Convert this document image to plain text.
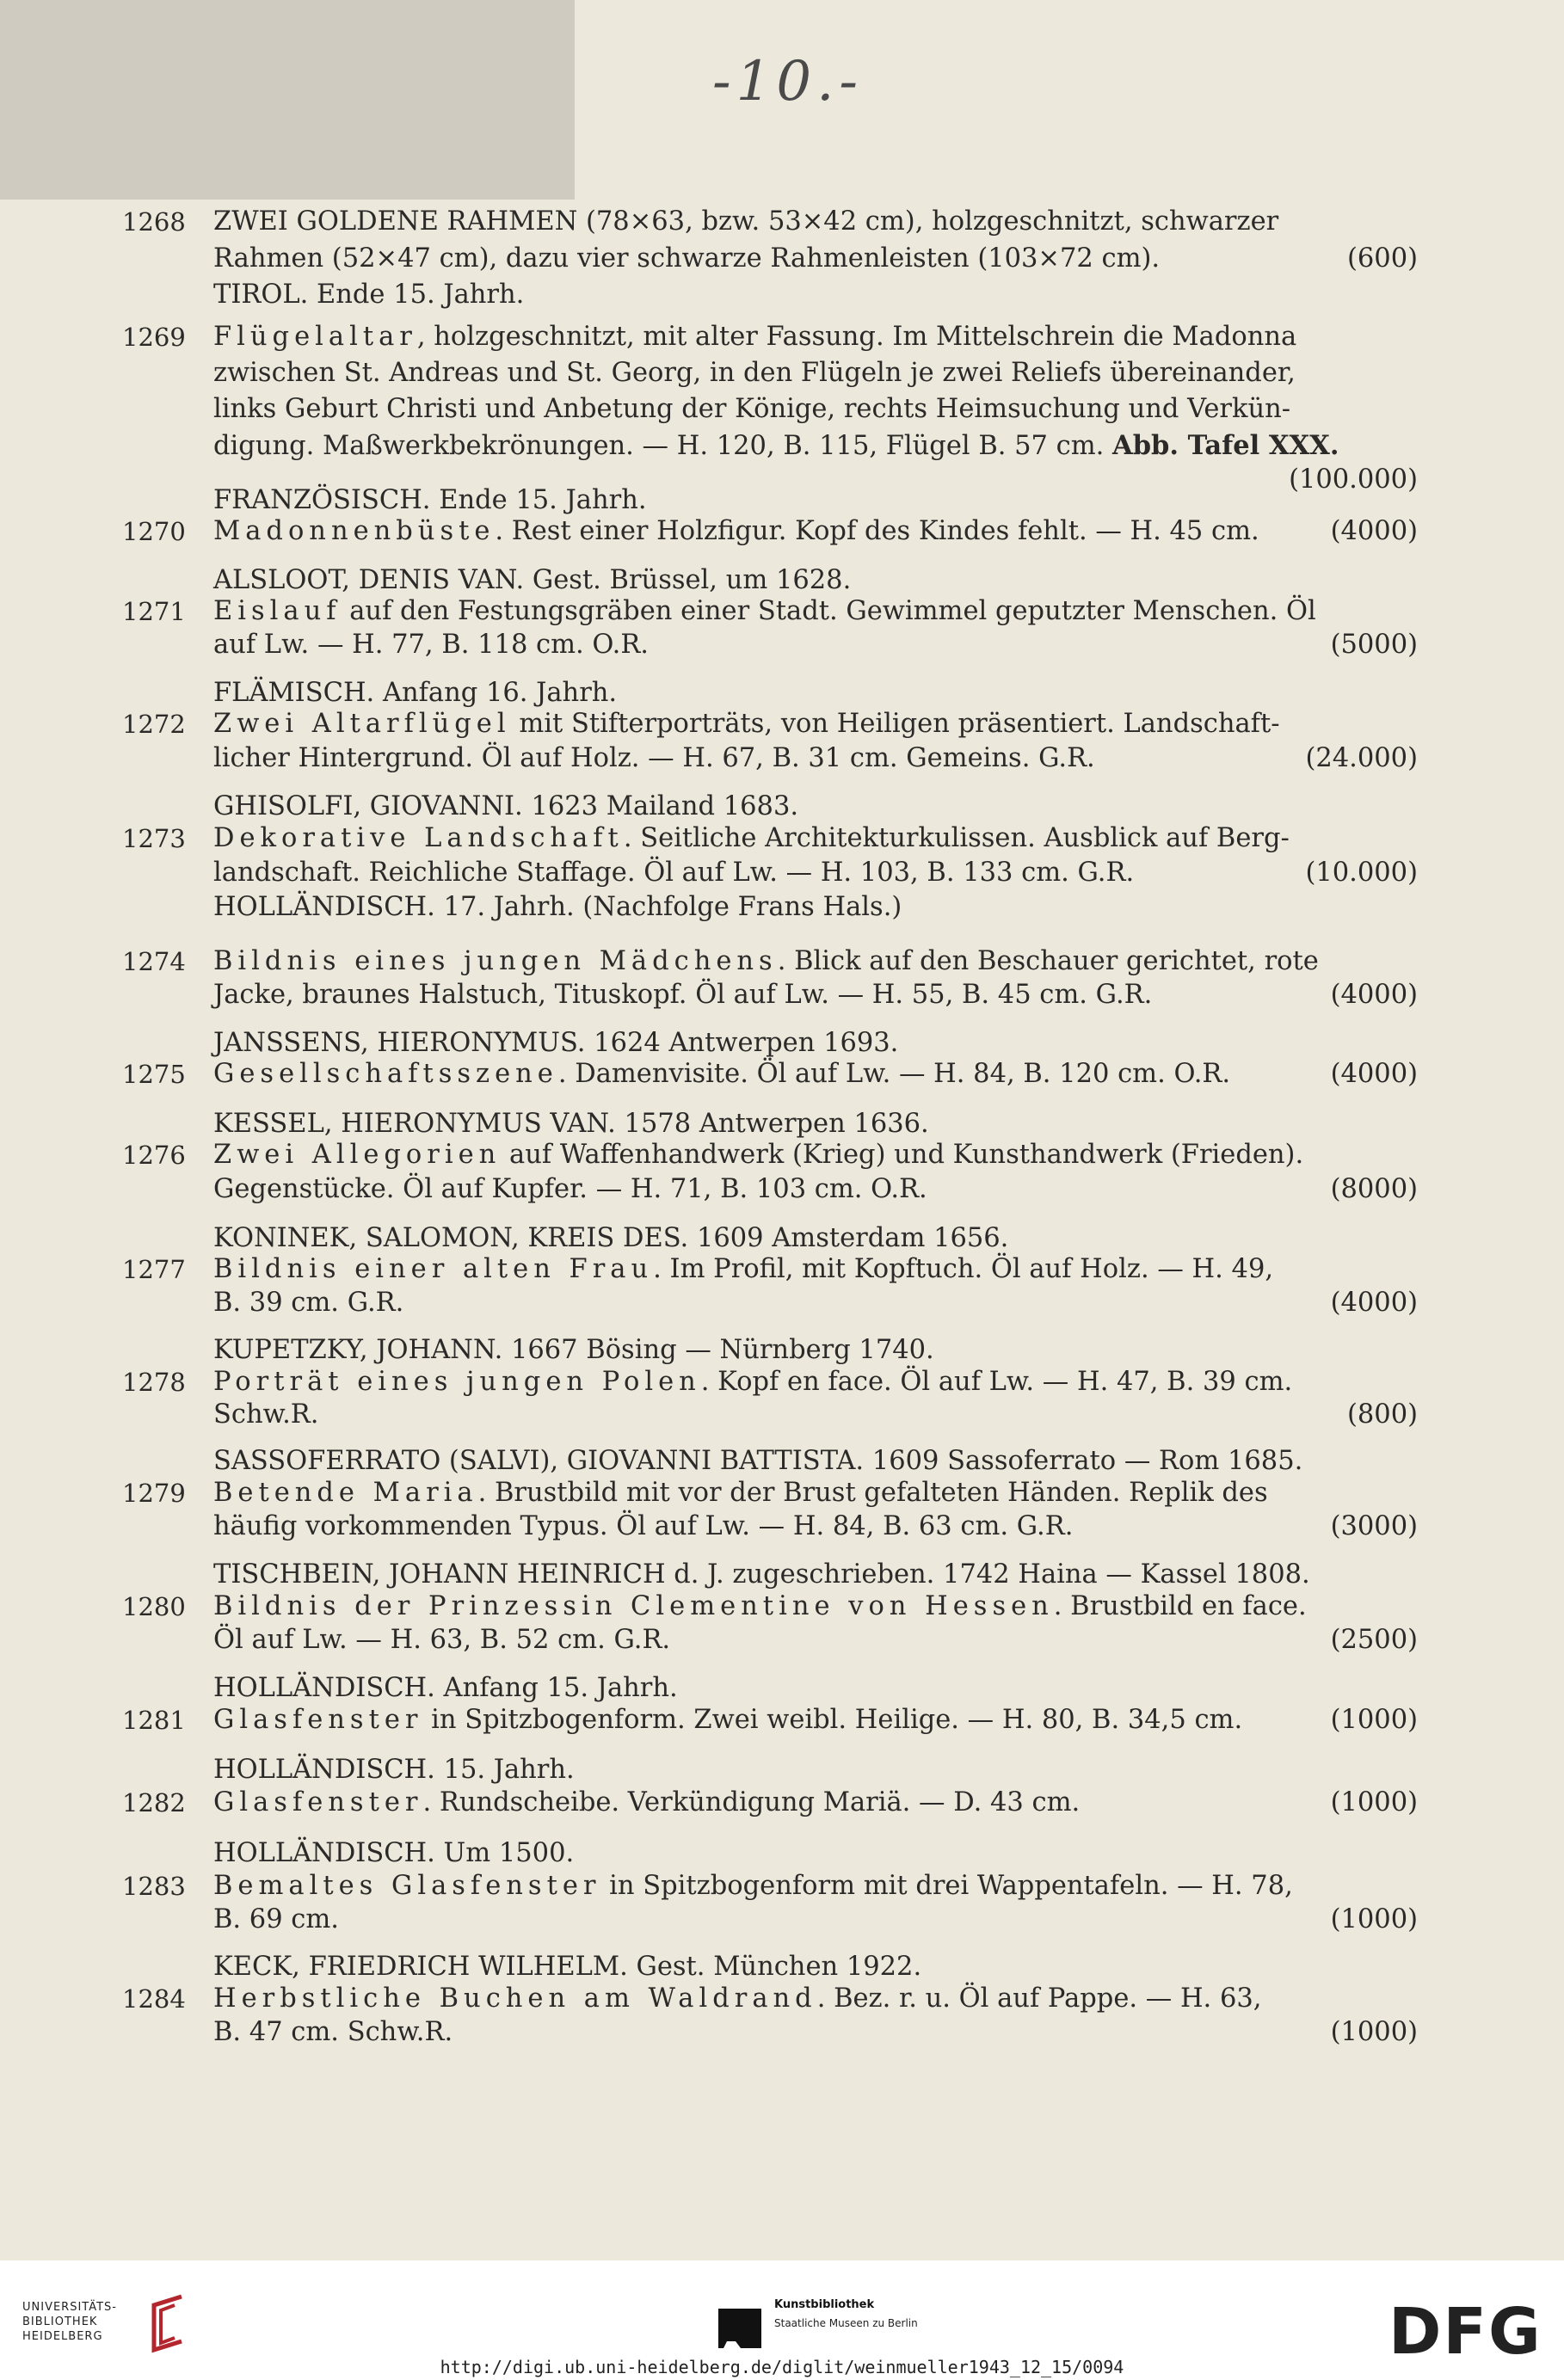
-10.-
1268 ZWEI GOLDENE RAHMEN (78×63, bzw. 53×42 cm), holzgeschnitzt, schwarzer
Rahmen (52×47 cm), dazu vier schwarze Rahmenleisten (103×72 cm).	(600)
TIROL. Ende 15. Jahrh.
1269 Flügelaltar, holzgeschnitzt, mit alter Fassung. Im Mittelschrein die Madonna
zwischen St. Andreas und St. Georg, in den Flügeln je zwei Reliefs übereinander,
links Geburt Christi und Anbetung der Könige, rechts Heimsuchung und Verkün-
digung. Maßwerkbekrönungen. — H. 120, B. 115, Flügel B. 57 cm. Abb. Tafel XXX.
(100.000)
FRANZÖSISCH. Ende 15. Jahrh.
1270 Madonnenbüste. Rest einer Holzfigur. Kopf des Kindes fehlt. — H. 45 cm.	(4000)
ALSLOOT, DENIS VAN. Gest. Brüssel, um 1628.
1271 Eislauf auf den Festungsgräben einer Stadt. Gewimmel geputzter Menschen. Öl
auf Lw. — H. 77, B. 118 cm. O.R.	(5000)
FLÄMISCH. Anfang 16. Jahrh.
1272 Zwei Altarflügel mit Stifterporträts, von Heiligen präsentiert. Landschaft-
licher Hintergrund. Öl auf Holz. — H. 67, B. 31 cm. Gemeins. G.R.	(24.000)
GHISOLFI, GIOVANNI. 1623 Mailand 1683.
1273 Dekorative Landschaft. Seitliche Architekturkulissen. Ausblick auf Berg-
landschaft. Reichliche Staffage. Öl auf Lw. — H. 103, B. 133 cm. G.R.	(10.000)
HOLLÄNDISCH. 17. Jahrh. (Nachfolge Frans Hals.)
1274 Bildnis eines jungen Mädchens. Blick auf den Beschauer gerichtet, rote
Jacke, braunes Halstuch, Tituskopf. Öl auf Lw. — H. 55, B. 45 cm. G.R.	(4000)
JANSSENS, HIERONYMUS. 1624 Antwerpen 1693.
1275 Gesellschaftsszene. Damenvisite. Öl auf Lw. — H. 84, B. 120 cm. O.R.	(4000)
KESSEL, HIERONYMUS VAN. 1578 Antwerpen 1636.
1276 Zwei Allegorien auf Waffenhandwerk (Krieg) und Kunsthandwerk (Frieden).
Gegenstücke. Öl auf Kupfer. — H. 71, B. 103 cm. O.R.	(8000)
KONINEK, SALOMON, KREIS DES. 1609 Amsterdam 1656.
1277 Bildnis einer alten Frau. Im Profil, mit Kopftuch. Öl auf Holz. — H. 49,
B. 39 cm. G.R.	(4000)
KUPETZKY, JOHANN. 1667 Bösing — Nürnberg 1740.
1278 Porträt eines jungen Polen. Kopf en face. Öl auf Lw. — H. 47, B. 39 cm.
Schw.R.	(800)
SASSOFERRATO (SALVI), GIOVANNI BATTISTA. 1609 Sassoferrato — Rom 1685.
1279 Betende Maria. Brustbild mit vor der Brust gefalteten Händen. Replik des
häufig vorkommenden Typus. Öl auf Lw. — H. 84, B. 63 cm. G.R.	(3000)
TISCHBEIN, JOHANN HEINRICH d. J. zugeschrieben. 1742 Haina — Kassel 1808.
1280 Bildnis der Prinzessin Clementine von Hessen. Brustbild en face.
Öl auf Lw. — H. 63, B. 52 cm. G.R.	(2500)
HOLLÄNDISCH. Anfang 15. Jahrh.
1281 Glasfenster in Spitzbogenform. Zwei weibl. Heilige. — H. 80, B. 34,5 cm.	(1000)
HOLLÄNDISCH. 15. Jahrh.
1282 Glasfenster. Rundscheibe. Verkündigung Mariä. — D. 43 cm.	(1000)
HOLLÄNDISCH. Um 1500.
1283 Bemaltes Glasfenster in Spitzbogenform mit drei Wappentafeln. — H. 78,
B. 69 cm.	(1000)
KECK, FRIEDRICH WILHELM. Gest. München 1922.
1284 Herbstliche Buchen am Waldrand. Bez. r. u. Öl auf Pappe. — H. 63,
B. 47 cm. Schw.R.	(1000)
UNIVERSITÄTS-
BIBLIOTHEK
HEIDELBERG
Kunstbibliothek
Staatliche Museen zu Berlin	DFG
http://digi.ub.uni-heidelberg.de/diglit/weinmueller1943_12_15/0094
